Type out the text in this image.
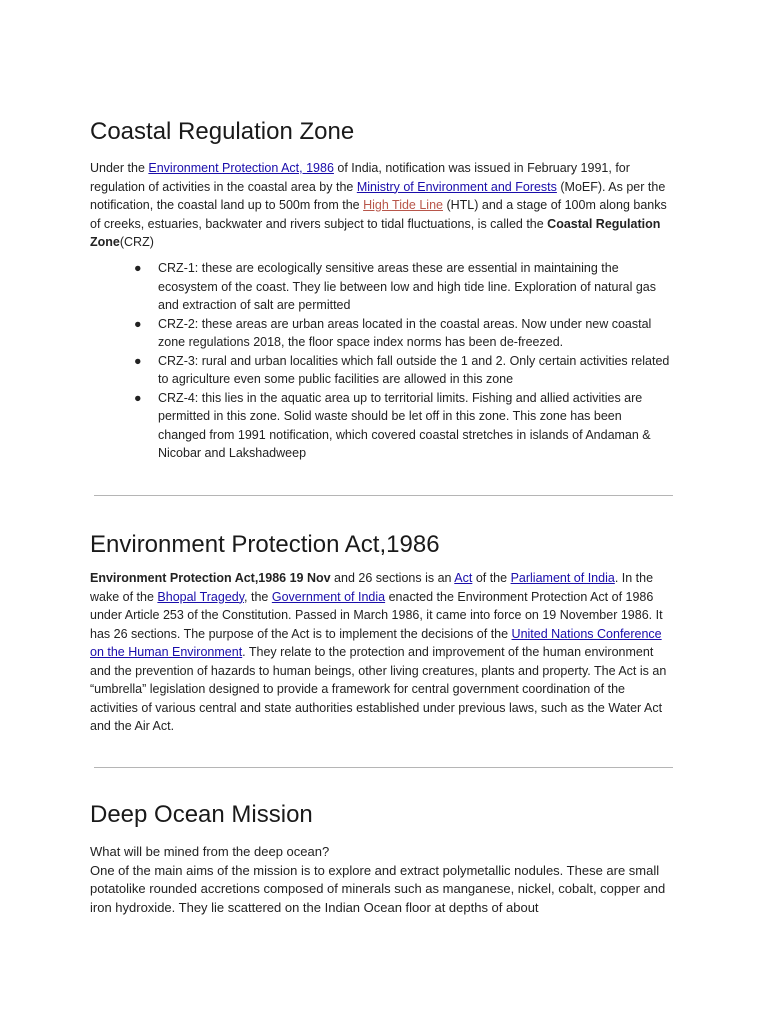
Coastal Regulation Zone

Under the Environment Protection Act, 1986 of India, notification was issued in February 1991, for regulation of activities in the coastal area by the Ministry of Environment and Forests (MoEF). As per the notification, the coastal land up to 500m from the High Tide Line (HTL) and a stage of 100m along banks of creeks, estuaries, backwater and rivers subject to tidal fluctuations, is called the Coastal Regulation Zone(CRZ)

● CRZ-1: these are ecologically sensitive areas these are essential in maintaining the ecosystem of the coast. They lie between low and high tide line. Exploration of natural gas and extraction of salt are permitted
● CRZ-2: these areas are urban areas located in the coastal areas. Now under new coastal zone regulations 2018, the floor space index norms has been de-freezed.
● CRZ-3: rural and urban localities which fall outside the 1 and 2. Only certain activities related to agriculture even some public facilities are allowed in this zone
● CRZ-4: this lies in the aquatic area up to territorial limits. Fishing and allied activities are permitted in this zone. Solid waste should be let off in this zone. This zone has been changed from 1991 notification, which covered coastal stretches in islands of Andaman & Nicobar and Lakshadweep
Environment Protection Act,1986

Environment Protection Act,1986 19 Nov and 26 sections is an Act of the Parliament of India. In the wake of the Bhopal Tragedy, the Government of India enacted the Environment Protection Act of 1986 under Article 253 of the Constitution. Passed in March 1986, it came into force on 19 November 1986. It has 26 sections. The purpose of the Act is to implement the decisions of the United Nations Conference on the Human Environment. They relate to the protection and improvement of the human environment and the prevention of hazards to human beings, other living creatures, plants and property. The Act is an “umbrella” legislation designed to provide a framework for central government coordination of the activities of various central and state authorities established under previous laws, such as the Water Act and the Air Act.

Deep Ocean Mission

What will be mined from the deep ocean?
One of the main aims of the mission is to explore and extract polymetallic nodules. These are small potatolike rounded accretions composed of minerals such as manganese, nickel, cobalt, copper and iron hydroxide. They lie scattered on the Indian Ocean floor at depths of about
